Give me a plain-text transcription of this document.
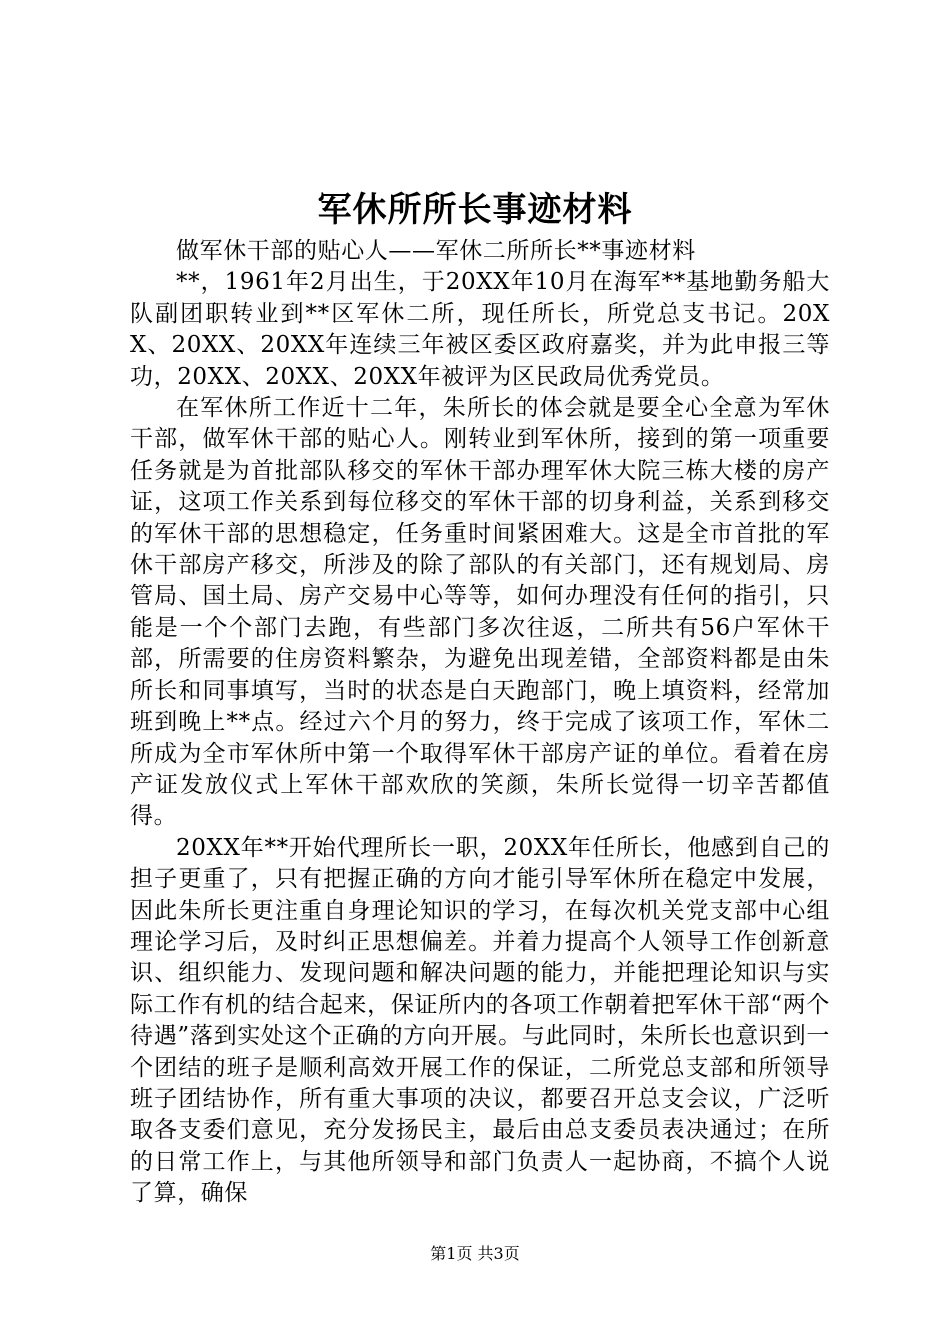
军休所所长事迹材料

做军休干部的贴心人——军休二所所长**事迹材料

**，1961年2月出生，于20XX年10月在海军**基地勤务船大队副团职转业到**区军休二所，现任所长，所党总支书记。20XX、20XX、20XX年连续三年被区委区政府嘉奖，并为此申报三等功，20XX、20XX、20XX年被评为区民政局优秀党员。

在军休所工作近十二年，朱所长的体会就是要全心全意为军休干部，做军休干部的贴心人。刚转业到军休所，接到的第一项重要任务就是为首批部队移交的军休干部办理军休大院三栋大楼的房产证，这项工作关系到每位移交的军休干部的切身利益，关系到移交的军休干部的思想稳定，任务重时间紧困难大。这是全市首批的军休干部房产移交，所涉及的除了部队的有关部门，还有规划局、房管局、国土局、房产交易中心等等，如何办理没有任何的指引，只能是一个个部门去跑，有些部门多次往返，二所共有56户军休干部，所需要的住房资料繁杂，为避免出现差错，全部资料都是由朱所长和同事填写，当时的状态是白天跑部门，晚上填资料，经常加班到晚上**点。经过六个月的努力，终于完成了该项工作，军休二所成为全市军休所中第一个取得军休干部房产证的单位。看着在房产证发放仪式上军休干部欢欣的笑颜，朱所长觉得一切辛苦都值得。

20XX年**开始代理所长一职，20XX年任所长，他感到自己的担子更重了，只有把握正确的方向才能引导军休所在稳定中发展，因此朱所长更注重自身理论知识的学习，在每次机关党支部中心组理论学习后，及时纠正思想偏差。并着力提高个人领导工作创新意识、组织能力、发现问题和解决问题的能力，并能把理论知识与实际工作有机的结合起来，保证所内的各项工作朝着把军休干部“两个待遇”落到实处这个正确的方向开展。与此同时，朱所长也意识到一个团结的班子是顺利高效开展工作的保证，二所党总支部和所领导班子团结协作，所有重大事项的决议，都要召开总支会议，广泛听取各支委们意见，充分发扬民主，最后由总支委员表决通过；在所的日常工作上，与其他所领导和部门负责人一起协商，不搞个人说了算，确保

第1页 共3页
